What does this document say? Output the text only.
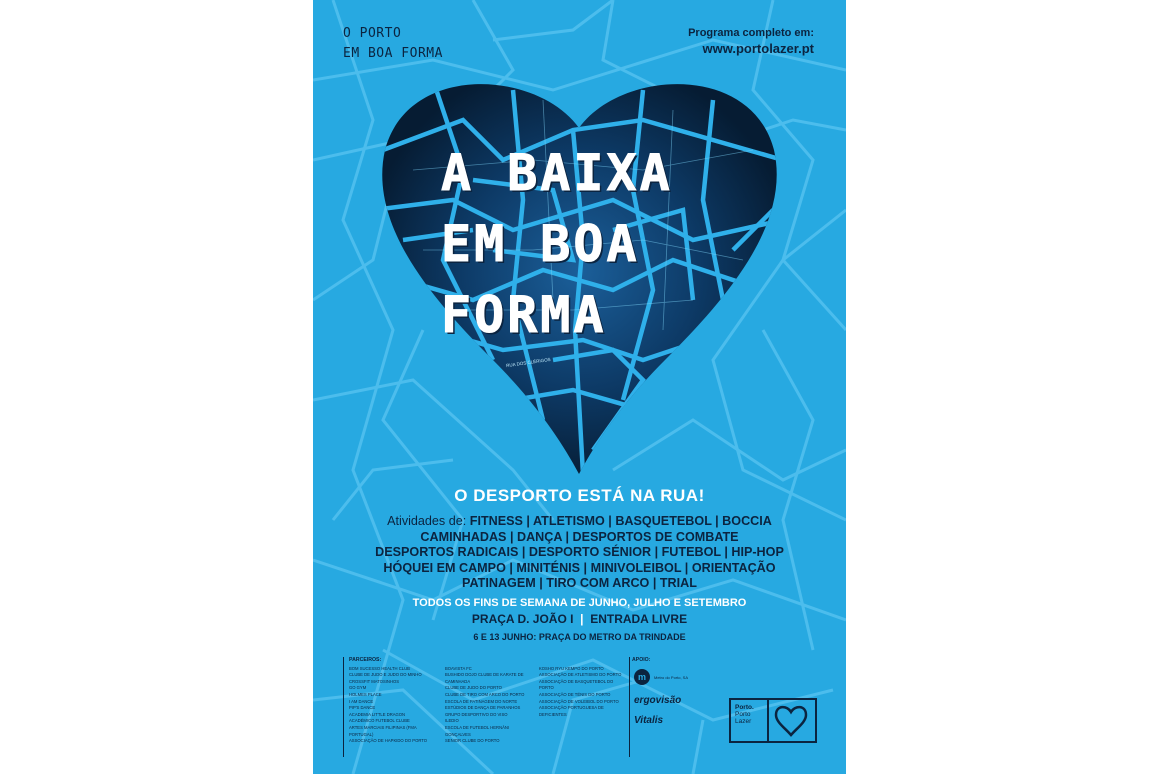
O PORTO
EM BOA FORMA
Programa completo em:
www.portolazer.pt
A BAIXA
EM BOA
FORMA
RUA DOS CLÉRIGOS
O DESPORTO ESTÁ NA RUA!
Atividades de: FITNESS | ATLETISMO | BASQUETEBOL | BOCCIA
CAMINHADAS | DANÇA | DESPORTOS DE COMBATE
DESPORTOS RADICAIS | DESPORTO SÉNIOR | FUTEBOL | HIP-HOP
HÓQUEI EM CAMPO | MINITÉNIS | MINIVOLEIBOL | ORIENTAÇÃO
PATINAGEM | TIRO COM ARCO | TRIAL
TODOS OS FINS DE SEMANA DE JUNHO, JULHO E SETEMBRO
PRAÇA D. JOÃO I | ENTRADA LIVRE
6 E 13 JUNHO: PRAÇA DO METRO DA TRINDADE
PARCEIROS:
BOM SUCESSO HEALTH CLUB
CLUBE DE JUDO E JUDO DO MINHO
CROSSFIT MATOSINHOS
GO GYM
HOLMES PLACE
I AM DANCE
PIP'S DANCE
ACADEMIA LITTLE DRAGON
ACADÉMICO FUTEBOL CLUBE
ARTES MARCIAIS FILIPINAS (FMA PORTUGAL)
ASSOCIAÇÃO DE HAPKIDO DO PORTO
BOAVISTA FC
BUSHIDO DOJO CLUBE DE KARATE DE CAMINHADA
CLUBE DE JUDO DO PORTO
CLUBE DE TIRO COM ARCO DO PORTO
ESCOLA DE PATINAGEM DO NORTE
ESTÚDIOS DE DANÇA DE PARANHOS
GRUPO DESPORTIVO DO VISO
ILEDIO
ESCOLA DE FUTEBOL HERNÂNI GONÇALVES
SENIOR CLUBE DO PORTO
KOSHO RYU KEMPO DO PORTO
ASSOCIAÇÃO DE ATLETISMO DO PORTO
ASSOCIAÇÃO DE BASQUETEBOL DO PORTO
ASSOCIAÇÃO DE TÉNIS DO PORTO
ASSOCIAÇÃO DE VOLEIBOL DO PORTO
ASSOCIAÇÃO PORTUGUESA DE DEFICIENTES
APOIO:
m	Metro do Porto, SA
ergovisão
Vitalis
Porto.
Porto
Lazer
